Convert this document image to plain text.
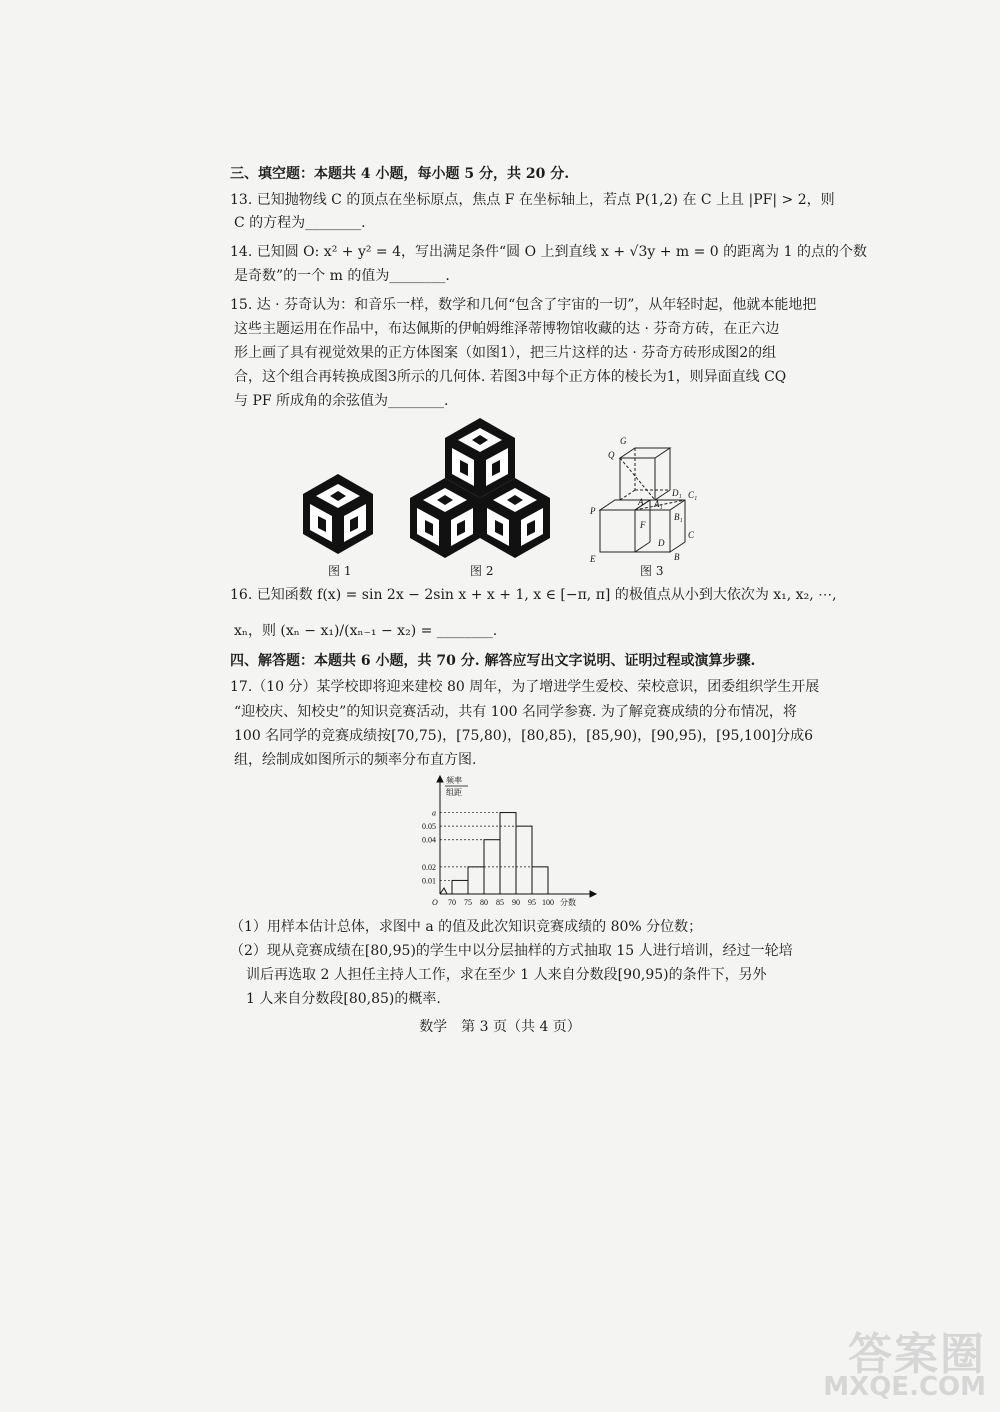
三、填空题：本题共 4 小题，每小题 5 分，共 20 分.
13. 已知抛物线 C 的顶点在坐标原点，焦点 F 在坐标轴上，若点 P(1,2) 在 C 上且 |PF| > 2，则
C 的方程为________.
14. 已知圆 O: x² + y² = 4，写出满足条件“圆 O 上到直线 x + √3y + m = 0 的距离为 1 的点的个数
是奇数”的一个 m 的值为________.
15. 达 · 芬奇认为：和音乐一样，数学和几何“包含了宇宙的一切”，从年轻时起，他就本能地把
这些主题运用在作品中，布达佩斯的伊帕姆维泽蒂博物馆收藏的达 · 芬奇方砖，在正六边
形上画了具有视觉效果的正方体图案（如图1），把三片这样的达 · 芬奇方砖形成图2的组
合，这个组合再转换成图3所示的几何体. 若图3中每个正方体的棱长为1，则异面直线 CQ
与 PF 所成角的余弦值为________.
G
Q
D₁ C₁
A₁
B₁
P
F
A
C
E
D
B
图 1	图 2	图 3
16. 已知函数 f(x) = sin 2x − 2sin x + x + 1, x ∈ [−π, π] 的极值点从小到大依次为 x₁, x₂, ⋯,
xₙ，则 (xₙ − x₁)/(xₙ₋₁ − x₂) = ________.
四、解答题：本题共 6 小题，共 70 分. 解答应写出文字说明、证明过程或演算步骤.
17.（10 分）某学校即将迎来建校 80 周年，为了增进学生爱校、荣校意识，团委组织学生开展
“迎校庆、知校史”的知识竞赛活动，共有 100 名同学参赛. 为了解竞赛成绩的分布情况，将
100 名同学的竞赛成绩按[70,75)，[75,80)，[80,85)，[85,90)，[90,95)，[95,100]分成6
组，绘制成如图所示的频率分布直方图.
0.01
0.02
0.04
0.05
a
70 75 80 85 90 95 100 分数
O
频率
组距
（1）用样本估计总体，求图中 a 的值及此次知识竞赛成绩的 80% 分位数；
（2）现从竞赛成绩在[80,95)的学生中以分层抽样的方式抽取 15 人进行培训，经过一轮培
训后再选取 2 人担任主持人工作，求在至少 1 人来自分数段[90,95)的条件下，另外
1 人来自分数段[80,85)的概率.
数学　第 3 页（共 4 页）
答案圈
MXQE.COM
